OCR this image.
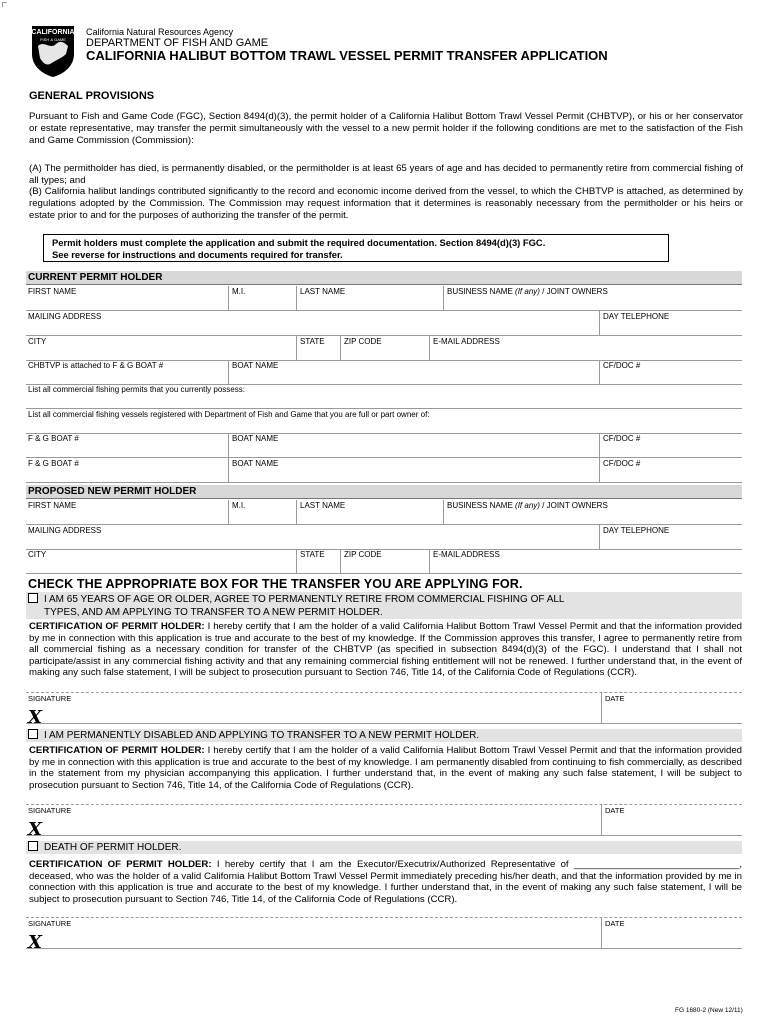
CALIFORNIA
FISH & GAME
California Natural Resources Agency
DEPARTMENT OF FISH AND GAME
CALIFORNIA HALIBUT BOTTOM TRAWL VESSEL PERMIT TRANSFER APPLICATION
GENERAL PROVISIONS
Pursuant to Fish and Game Code (FGC), Section 8494(d)(3), the permit holder of a California Halibut Bottom Trawl Vessel Permit (CHBTVP), or his or her conservator or estate representative, may transfer the permit simultaneously with the vessel to a new permit holder if the following conditions are met to the satisfaction of the Fish and Game Commission (Commission):
(A) The permitholder has died, is permanently disabled, or the permitholder is at least 65 years of age and has decided to permanently retire from commercial fishing of all types; and
(B) California halibut landings contributed significantly to the record and economic income derived from the vessel, to which the CHBTVP is attached, as determined by regulations adopted by the Commission. The Commission may request information that it determines is reasonably necessary from the permitholder or his heirs or estate prior to and for the purposes of authorizing the transfer of the permit.
Permit holders must complete the application and submit the required documentation. Section 8494(d)(3) FGC.
See reverse for instructions and documents required for transfer.
CURRENT PERMIT HOLDER
FIRST NAME	M.I.	LAST NAME	BUSINESS NAME (If any) / JOINT OWNERS
MAILING ADDRESS	DAY TELEPHONE
CITY	STATE	ZIP CODE	E-MAIL ADDRESS
CHBTVP is attached to F & G BOAT #	BOAT NAME	CF/DOC #
List all commercial fishing permits that you currently possess:
List all commercial fishing vessels registered with Department of Fish and Game that you are full or part owner of:
F & G BOAT #	BOAT NAME	CF/DOC #
F & G BOAT #	BOAT NAME	CF/DOC #
PROPOSED NEW PERMIT HOLDER
FIRST NAME	M.I.	LAST NAME	BUSINESS NAME (If any) / JOINT OWNERS
MAILING ADDRESS	DAY TELEPHONE
CITY	STATE	ZIP CODE	E-MAIL ADDRESS
CHECK THE APPROPRIATE BOX FOR THE TRANSFER YOU ARE APPLYING FOR.
I AM 65 YEARS OF AGE OR OLDER, AGREE TO PERMANENTLY RETIRE FROM COMMERCIAL FISHING OF ALL
TYPES, AND AM APPLYING TO TRANSFER TO A NEW PERMIT HOLDER.
CERTIFICATION OF PERMIT HOLDER: I hereby certify that I am the holder of a valid California Halibut Bottom Trawl Vessel Permit and that the information provided by me in connection with this application is true and accurate to the best of my knowledge. If the Commission approves this transfer, I agree to permanently retire from all commercial fishing as a necessary condition for transfer of the CHBTVP (as specified in subsection 8494(d)(3) of the FGC). I understand that I shall not participate/assist in any commercial fishing activity and that any remaining commercial fishing entitlement will not be renewed. I further understand that, in the event of making any such false statement, I will be subject to prosecution pursuant to Section 746, Title 14, of the California Code of Regulations (CCR).
SIGNATURE
X
DATE
I AM PERMANENTLY DISABLED AND APPLYING TO TRANSFER TO A NEW PERMIT HOLDER.
CERTIFICATION OF PERMIT HOLDER: I hereby certify that I am the holder of a valid California Halibut Bottom Trawl Vessel Permit and that the information provided by me in connection with this application is true and accurate to the best of my knowledge. I am permanently disabled from continuing to fish commercially, as described in the statement from my physician accompanying this application. I further understand that, in the event of making any such false statement, I will be subject to prosecution pursuant to Section 746, Title 14, of the California Code of Regulations (CCR).
SIGNATURE
X
DATE
DEATH OF PERMIT HOLDER.
CERTIFICATION OF PERMIT HOLDER: I hereby certify that I am the Executor/Executrix/Authorized Representative of _______________________________, deceased, who was the holder of a valid California Halibut Bottom Trawl Vessel Permit immediately preceding his/her death, and that the information provided by me in connection with this application is true and accurate to the best of my knowledge. I further understand that, in the event of making any such false statement, I will be subject to prosecution pursuant to Section 746, Title 14, of the California Code of Regulations (CCR).
SIGNATURE
X
DATE
FG 1680-2 (New 12/11)
